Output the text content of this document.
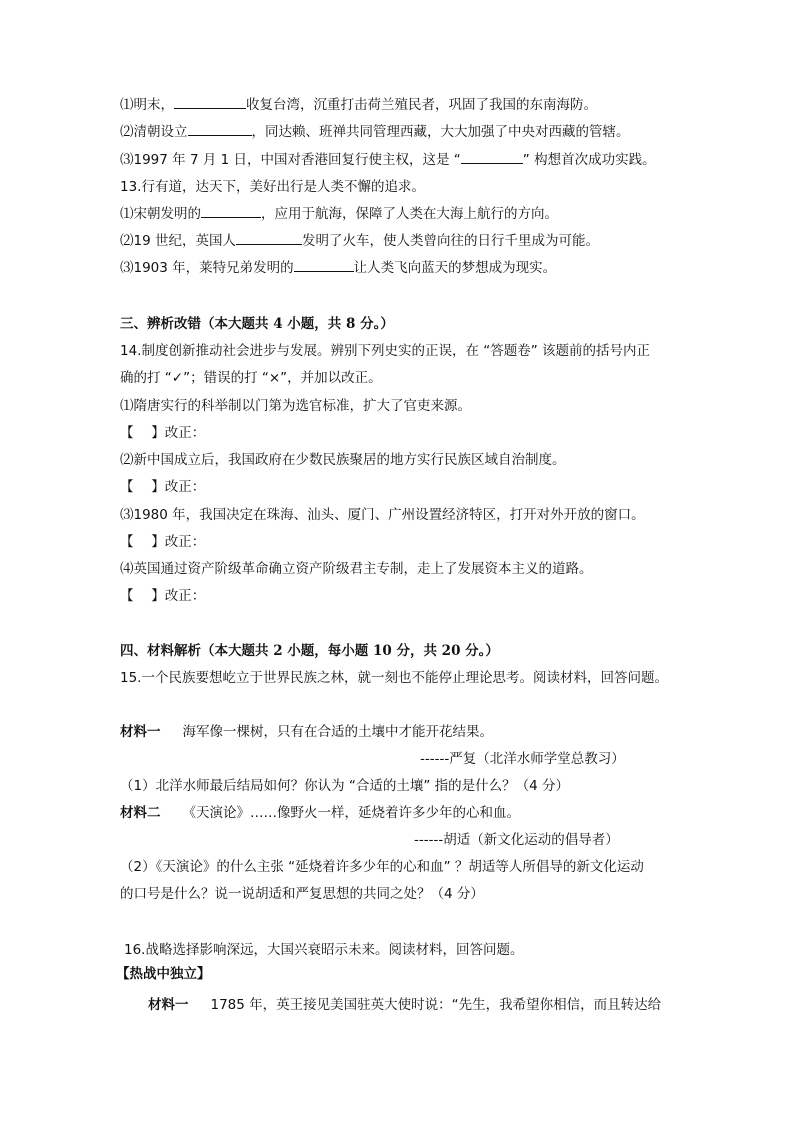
⑴明末，	收复台湾，沉重打击荷兰殖民者，巩固了我国的东南海防。
⑵清朝设立	，同达赖、班禅共同管理西藏，大大加强了中央对西藏的管辖。
⑶1997 年 7 月 1 日，中国对香港回复行使主权，这是 “	” 构想首次成功实践。
13.行有道，达天下，美好出行是人类不懈的追求。
⑴宋朝发明的	，应用于航海，保障了人类在大海上航行的方向。
⑵19 世纪，英国人	发明了火车，使人类曾向往的日行千里成为可能。
⑶1903 年，莱特兄弟发明的	让人类飞向蓝天的梦想成为现实。
三、辨析改错（本大题共 4 小题，共 8 分。）
14.制度创新推动社会进步与发展。辨别下列史实的正误，在 “答题卷” 该题前的括号内正
确的打 “✓”；错误的打 “×”，并加以改正。
⑴隋唐实行的科举制以门第为选官标准，扩大了官吏来源。
【　 】改正：
⑵新中国成立后，我国政府在少数民族聚居的地方实行民族区域自治制度。
【　 】改正：
⑶1980 年，我国决定在珠海、汕头、厦门、广州设置经济特区，打开对外开放的窗口。
【　 】改正：
⑷英国通过资产阶级革命确立资产阶级君主专制，走上了发展资本主义的道路。
【　 】改正：
四、材料解析（本大题共 2 小题，每小题 10 分，共 20 分。）
15.一个民族要想屹立于世界民族之林，就一刻也不能停止理论思考。阅读材料，回答问题。
材料一 海军像一棵树，只有在合适的土壤中才能开花结果。
------严复（北洋水师学堂总教习）
（1）北洋水师最后结局如何？你认为 “合适的土壤” 指的是什么？（4 分）
材料二 《天演论》……像野火一样，延烧着许多少年的心和血。
------胡适（新文化运动的倡导者）
（2）《天演论》的什么主张 “延烧着许多少年的心和血” ？胡适等人所倡导的新文化运动
的口号是什么？说一说胡适和严复思想的共同之处？（4 分）
16.战略选择影响深远，大国兴衰昭示未来。阅读材料，回答问题。
【热战中独立】
材料一 1785 年，英王接见美国驻英大使时说：“先生，我希望你相信，而且转达给
